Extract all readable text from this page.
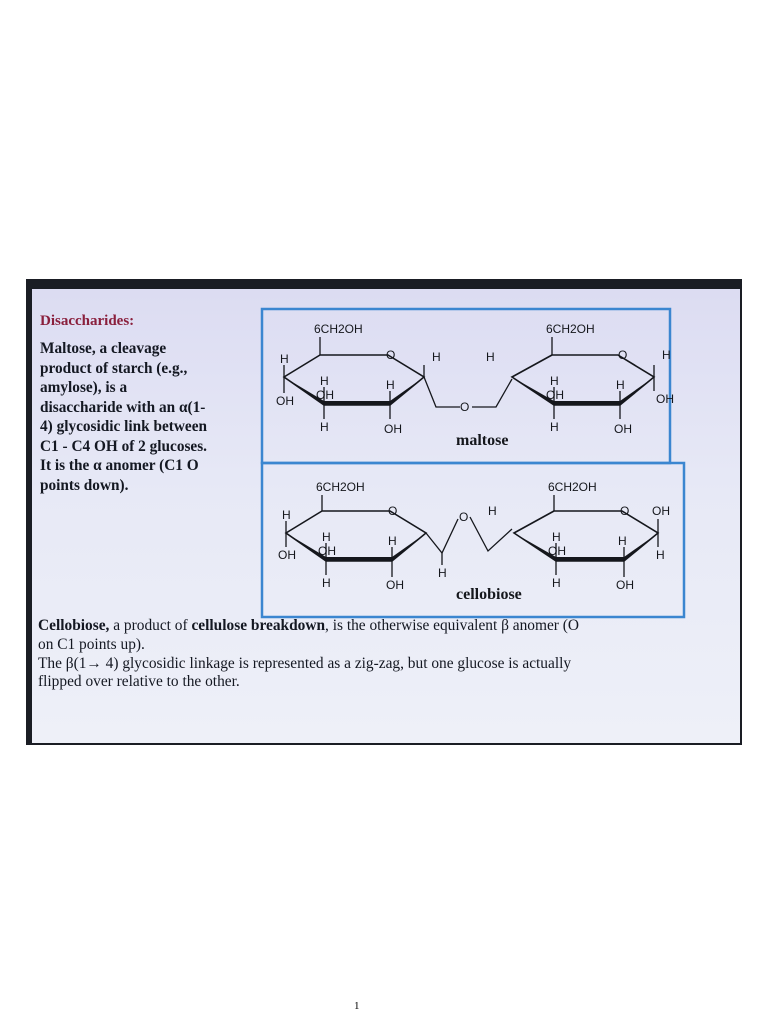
Disaccharides:
Maltose, a cleavage
product of starch (e.g.,
amylose), is a
disaccharide with an α(1-
4) glycosidic link between
C1 - C4 OH of 2 glucoses.
It is the α anomer (C1 O
points down).
6CH2OH	6CH2OH
O	O
H
OH
H
OH
H
H
OH
H
O
H
H
OH
H
H
OH
H
OH
maltose
6CH2OH	6CH2OH
O	O
H
OH
H
OH
H
H
OH
O
H
H
H
OH
H
H
OH
OH
H
cellobiose
Cellobiose, a product of cellulose breakdown, is the otherwise equivalent β anomer (O
on C1 points up).
The β(1→ 4) glycosidic linkage is represented as a zig-zag, but one glucose is actually
flipped over relative to the other.
1
